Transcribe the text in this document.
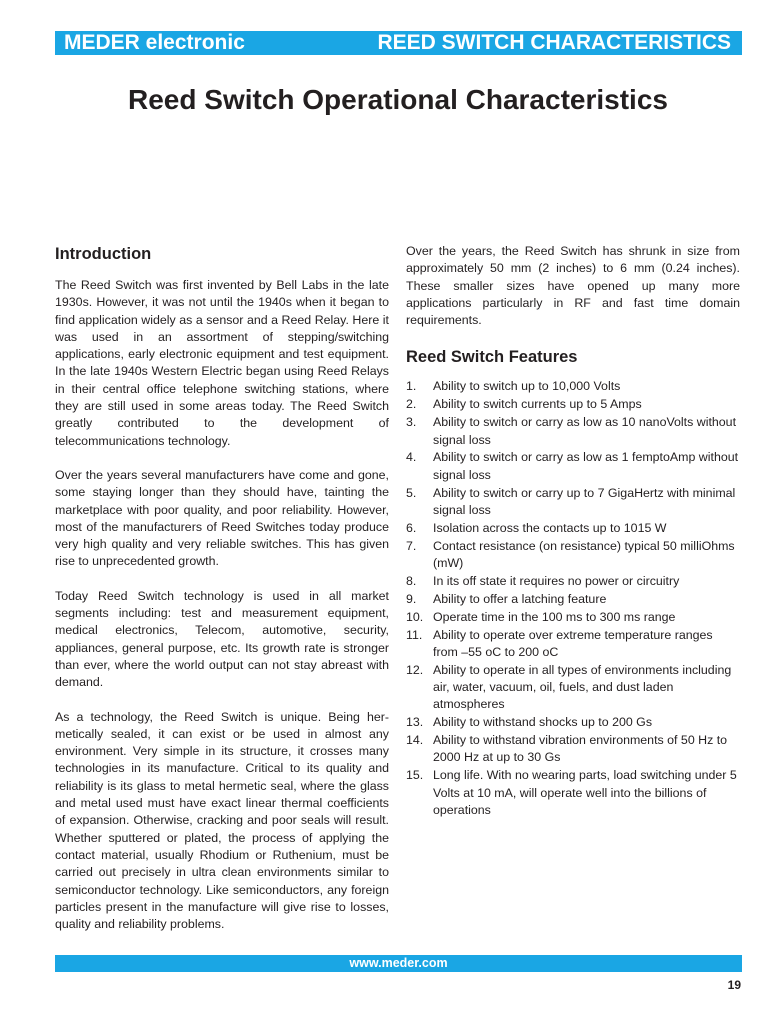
MEDER electronic	REED SWITCH CHARACTERISTICS
Reed Switch Operational Characteristics
Introduction

The Reed Switch was first invented by Bell Labs in the late 1930s. However, it was not until the 1940s when it began to find application widely as a sensor and a Reed Relay. Here it was used in an assortment of stepping/switching applications, early electronic equipment and test equipment. In the late 1940s Western Electric began using Reed Relays in their central office telephone switching stations, where they are still used in some areas today. The Reed Switch greatly contributed to the development of telecommunications technology.

Over the years several manufacturers have come and gone, some staying longer than they should have, tainting the marketplace with poor quality, and poor reliability. However, most of the manufacturers of Reed Switches today produce very high quality and very reliable switches. This has given rise to unprecedented growth.

Today Reed Switch technology is used in all market segments including: test and measurement equipment, medical electronics, Telecom, automotive, security, appliances, general purpose, etc. Its growth rate is stronger than ever, where the world output can not stay abreast with demand.

As a technology, the Reed Switch is unique. Being hermetically sealed, it can exist or be used in almost any environment. Very simple in its structure, it crosses many technologies in its manufacture. Critical to its quality and reliability is its glass to metal hermetic seal, where the glass and metal used must have exact linear thermal coefficients of expansion. Otherwise, cracking and poor seals will result. Whether sputtered or plated, the process of applying the contact material, usually Rhodium or Ruthenium, must be carried out precisely in ultra clean environments similar to semiconductor technology. Like semiconductors, any foreign particles present in the manufacture will give rise to losses, quality and reliability problems.

Over the years, the Reed Switch has shrunk in size from approximately 50 mm (2 inches) to 6 mm (0.24 inches). These smaller sizes have opened up many more applications particularly in RF and fast time domain requirements.

Reed Switch Features
1.	Ability to switch up to 10,000 Volts
2.	Ability to switch currents up to 5 Amps
3.	Ability to switch or carry as low as 10 nanoVolts without signal loss
4.	Ability to switch or carry as low as 1 femptoAmp without signal loss
5.	Ability to switch or carry up to 7 GigaHertz with minimal signal loss
6.	Isolation across the contacts up to 1015 W
7.	Contact resistance (on resistance) typical 50 milliOhms (mW)
8.	In its off state it requires no power or circuitry
9.	Ability to offer a latching feature
10. Operate time in the 100 ms to 300 ms range
11. Ability to operate over extreme temperature ranges from –55 oC to 200 oC
12. Ability to operate in all types of environments including air, water, vacuum, oil, fuels, and dust laden atmospheres
13. Ability to withstand shocks up to 200 Gs
14. Ability to withstand vibration environments of 50 Hz to 2000 Hz at up to 30 Gs
15. Long life. With no wearing parts, load switching under 5 Volts at 10 mA, will operate well into the billions of operations
www.meder.com
19
